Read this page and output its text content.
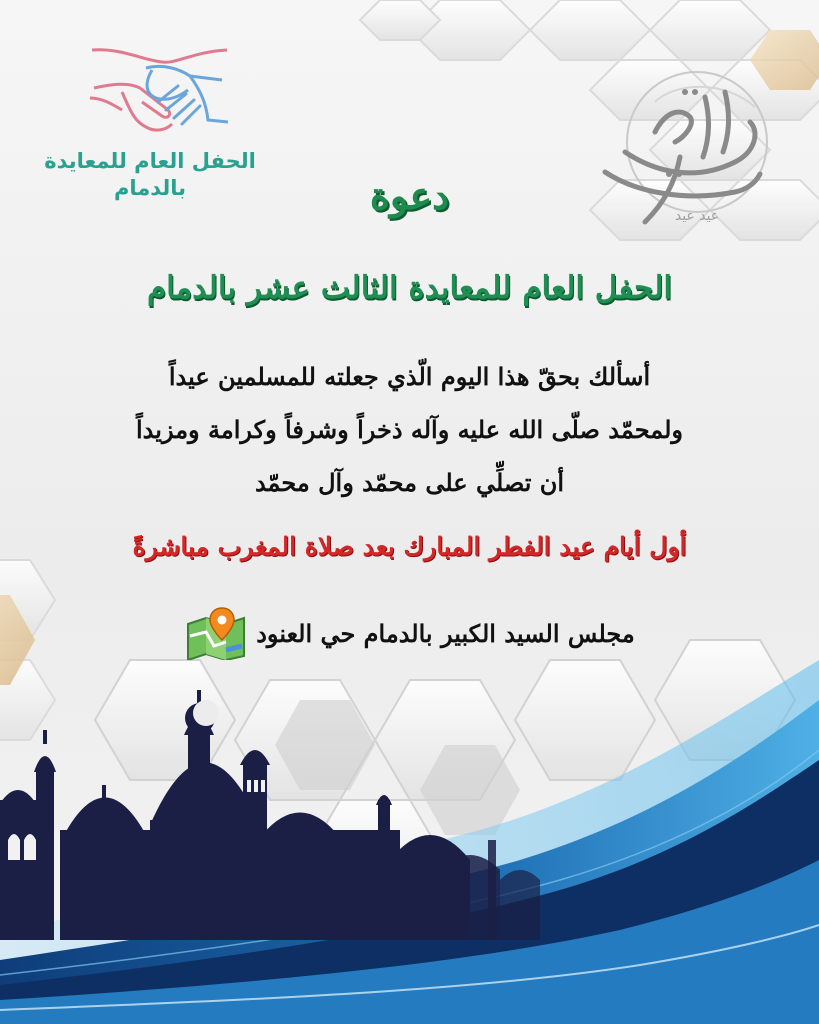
الحفل العام للمعايدة
بالدمام
عيد عيد
دعوة
الحفل العام للمعايدة الثالث عشر بالدمام

أسألك بحقّ هذا اليوم الّذي جعلته للمسلمين عيداً

ولمحمّد صلّى الله عليه وآله ذخراً وشرفاً وكرامة ومزيداً

أن تصلِّي على محمّد وآل محمّد

أول أيام عيد الفطر المبارك بعد صلاة المغرب مباشرةً
مجلس السيد الكبير بالدمام حي العنود
